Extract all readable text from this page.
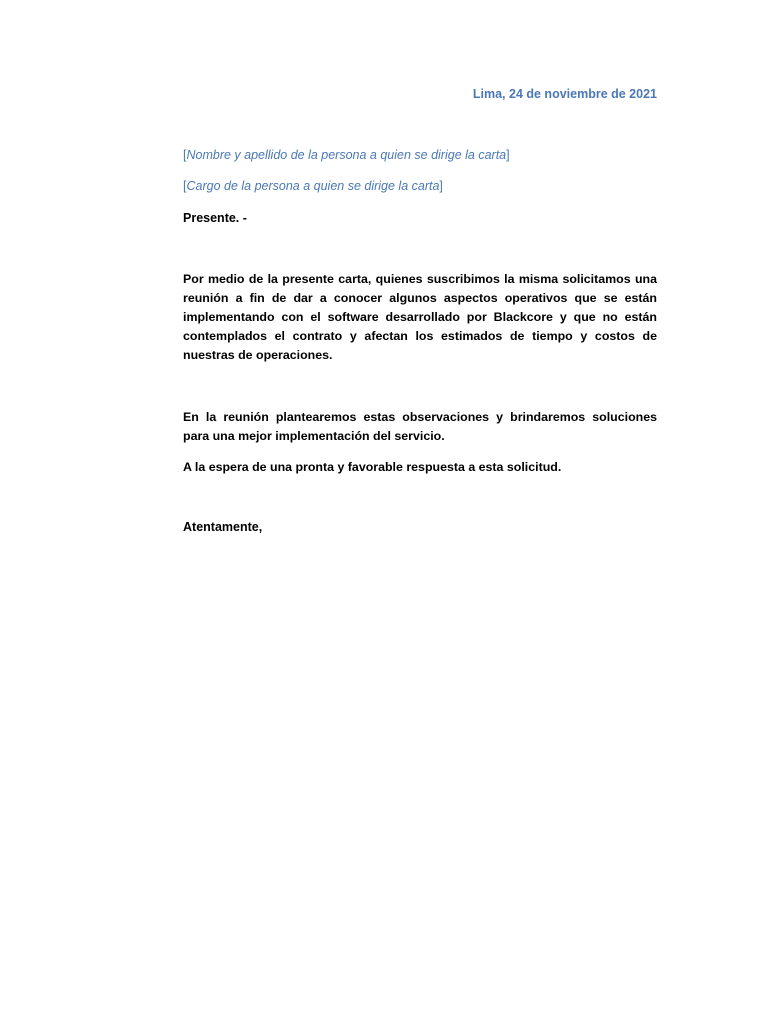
Lima, 24 de noviembre de 2021
[Nombre y apellido de la persona a quien se dirige la carta]
[Cargo de la persona a quien se dirige la carta]
Presente. -
Por medio de la presente carta, quienes suscribimos la misma solicitamos una reunión a fin de dar a conocer algunos aspectos operativos que se están implementando con el software desarrollado por Blackcore y que no están contemplados el contrato y afectan los estimados de tiempo y costos de nuestras de operaciones.
En la reunión plantearemos estas observaciones y brindaremos soluciones para una mejor implementación del servicio.
A la espera de una pronta y favorable respuesta a esta solicitud.
Atentamente,
